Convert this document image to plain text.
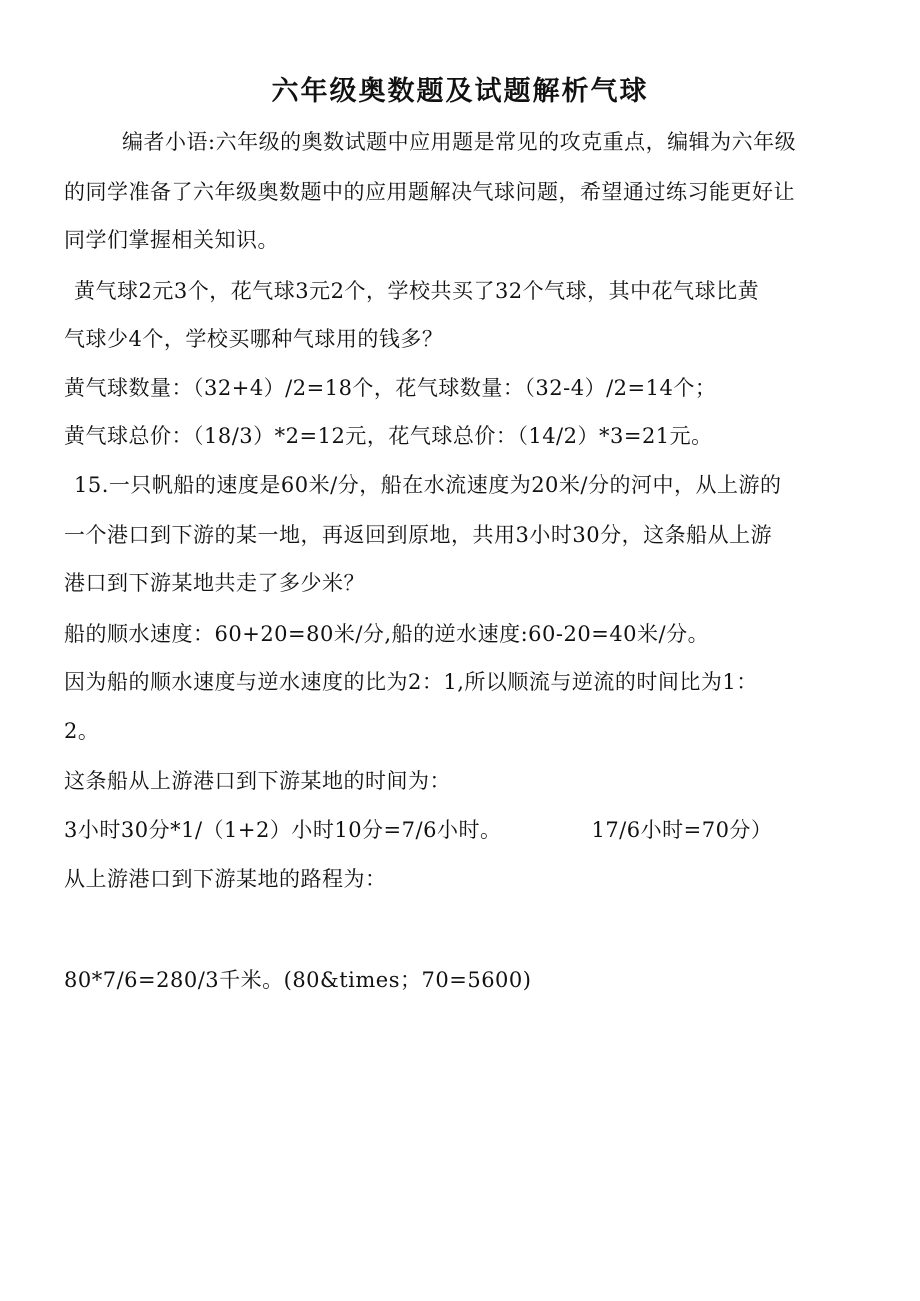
六年级奥数题及试题解析气球
编者小语:六年级的奥数试题中应用题是常见的攻克重点，编辑为六年级
的同学准备了六年级奥数题中的应用题解决气球问题，希望通过练习能更好让
同学们掌握相关知识。
黄气球2元3个，花气球3元2个，学校共买了32个气球，其中花气球比黄
气球少4个，学校买哪种气球用的钱多？
黄气球数量：（32+4）/2=18个，花气球数量：（32-4）/2=14个；
黄气球总价：（18/3）*2=12元，花气球总价：（14/2）*3=21元。
15.一只帆船的速度是60米/分，船在水流速度为20米/分的河中，从上游的
一个港口到下游的某一地，再返回到原地，共用3小时30分，这条船从上游
港口到下游某地共走了多少米？
船的顺水速度：60+20=80米/分,船的逆水速度:60-20=40米/分。
因为船的顺水速度与逆水速度的比为2：1,所以顺流与逆流的时间比为1：
2。
这条船从上游港口到下游某地的时间为：
3小时30分*1/（1+2）小时10分=7/6小时。	17/6小时=70分）
从上游港口到下游某地的路程为：
80*7/6=280/3千米。(80&times；70=5600)
